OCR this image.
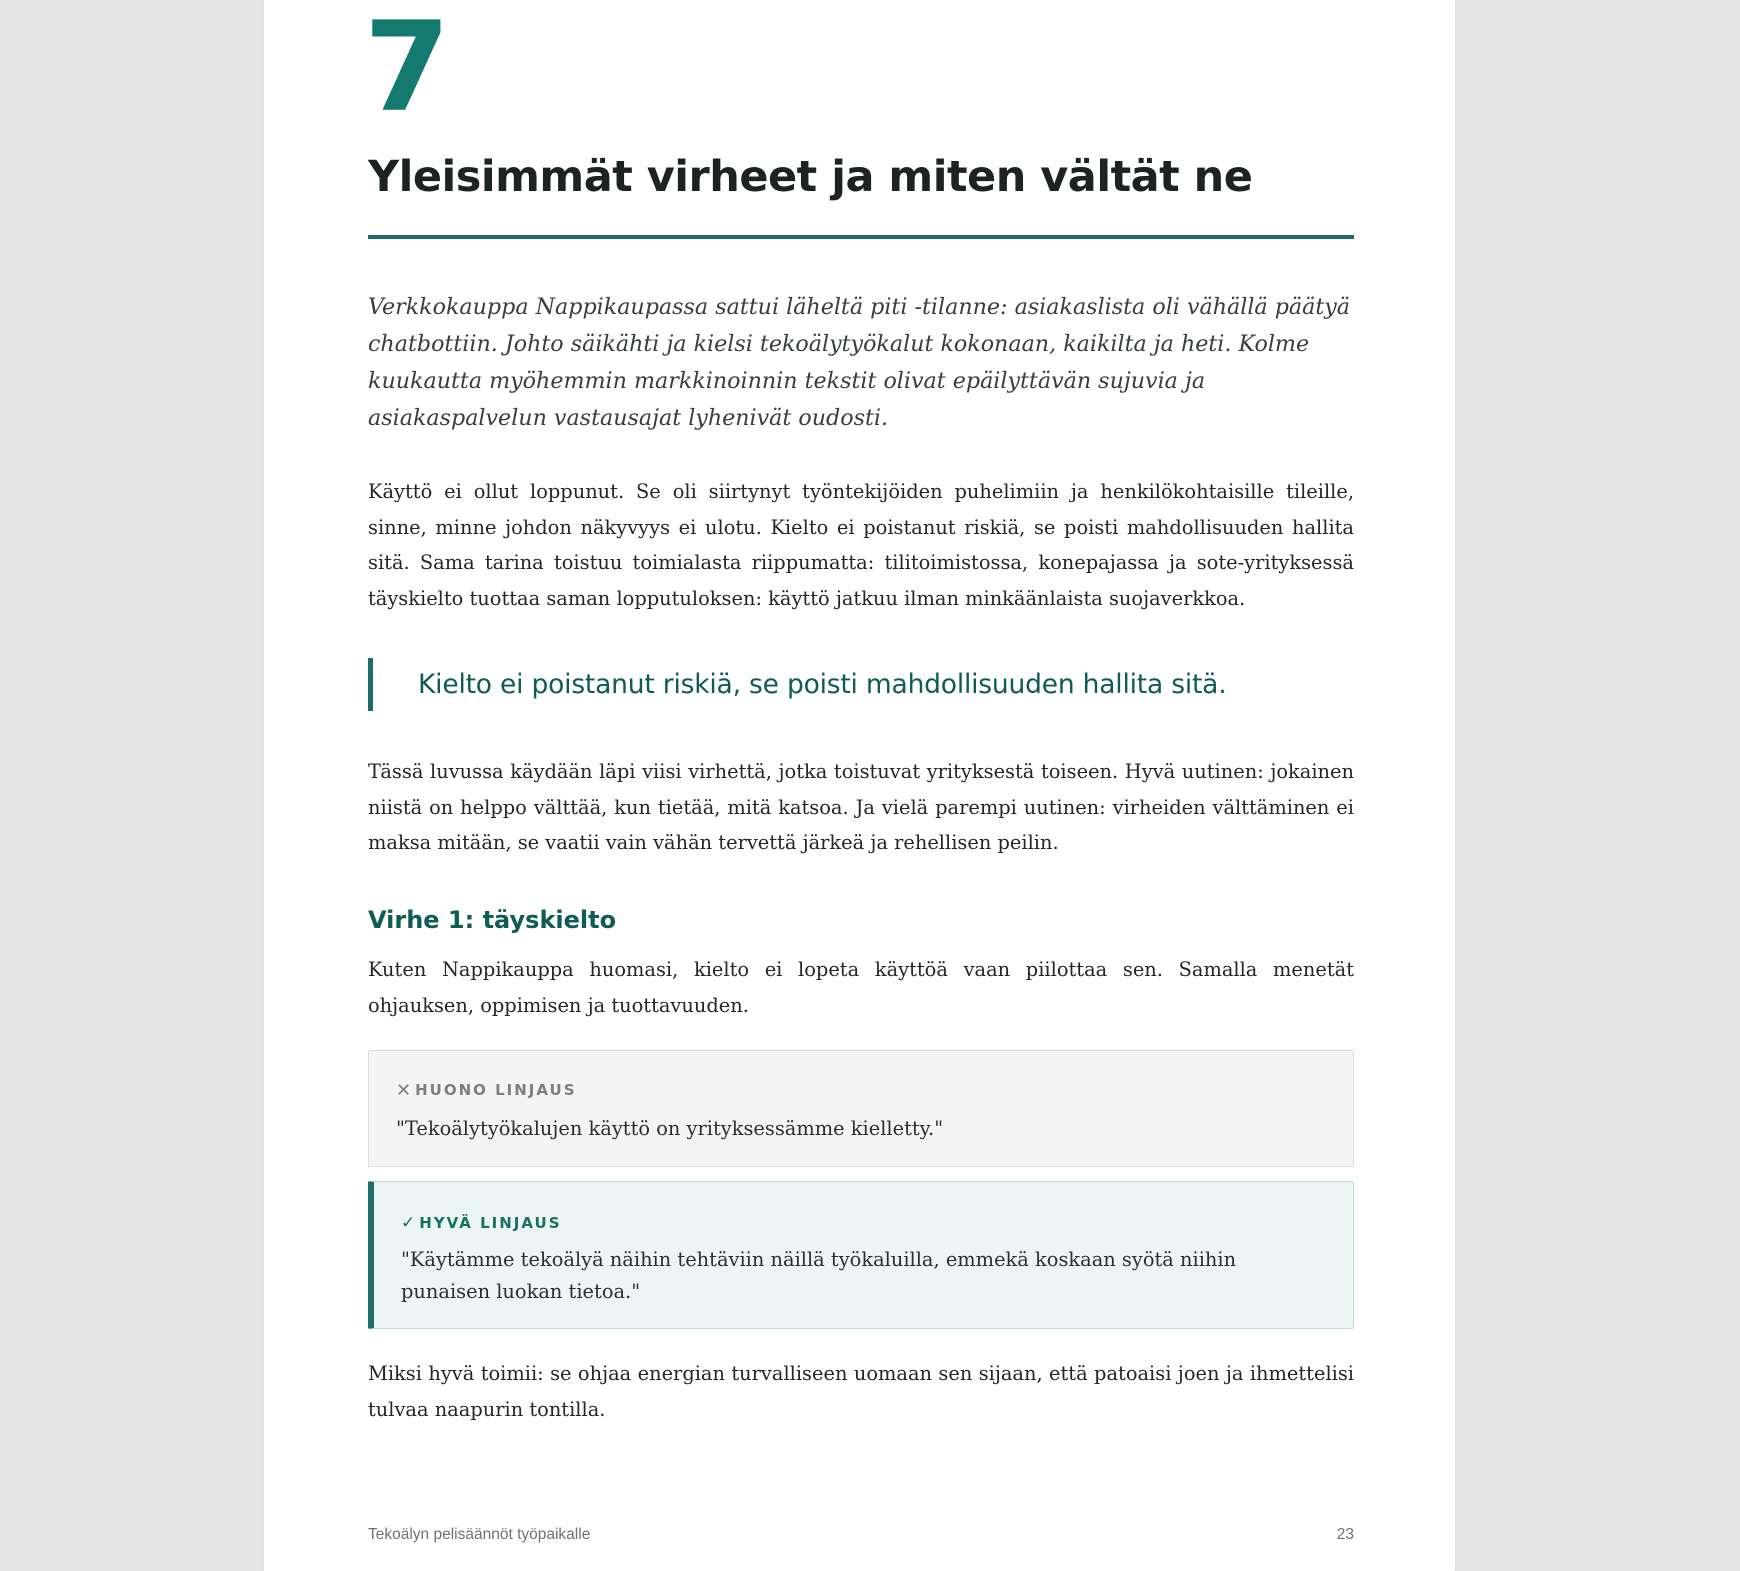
7
Yleisimmät virheet ja miten vältät ne

Verkkokauppa Nappikaupassa sattui läheltä piti -tilanne: asiakaslista oli vähällä päätyä chatbottiin. Johto säikähti ja kielsi tekoälytyökalut kokonaan, kaikilta ja heti. Kolme kuukautta myöhemmin markkinoinnin tekstit olivat epäilyttävän sujuvia ja asiakaspalvelun vastausajat lyhenivät oudosti.

Käyttö ei ollut loppunut. Se oli siirtynyt työntekijöiden puhelimiin ja henkilökohtaisille tileille, sinne, minne johdon näkyvyys ei ulotu. Kielto ei poistanut riskiä, se poisti mahdollisuuden hallita sitä. Sama tarina toistuu toimialasta riippumatta: tilitoimistossa, konepajassa ja sote-yrityksessä täyskielto tuottaa saman lopputuloksen: käyttö jatkuu ilman minkäänlaista suojaverkkoa.

Kielto ei poistanut riskiä, se poisti mahdollisuuden hallita sitä.

Tässä luvussa käydään läpi viisi virhettä, jotka toistuvat yrityksestä toiseen. Hyvä uutinen: jokainen niistä on helppo välttää, kun tietää, mitä katsoa. Ja vielä parempi uutinen: virheiden välttäminen ei maksa mitään, se vaatii vain vähän tervettä järkeä ja rehellisen peilin.

Virhe 1: täyskielto

Kuten Nappikauppa huomasi, kielto ei lopeta käyttöä vaan piilottaa sen. Samalla menetät ohjauksen, oppimisen ja tuottavuuden.

✕ HUONO LINJAUS

"Tekoälytyökalujen käyttö on yrityksessämme kielletty."

✓ HYVÄ LINJAUS

"Käytämme tekoälyä näihin tehtäviin näillä työkaluilla, emmekä koskaan syötä niihin punaisen luokan tietoa."

Miksi hyvä toimii: se ohjaa energian turvalliseen uomaan sen sijaan, että patoaisi joen ja ihmettelisi tulvaa naapurin tontilla.

Tekoälyn pelisäännöt työpaikalle	23
